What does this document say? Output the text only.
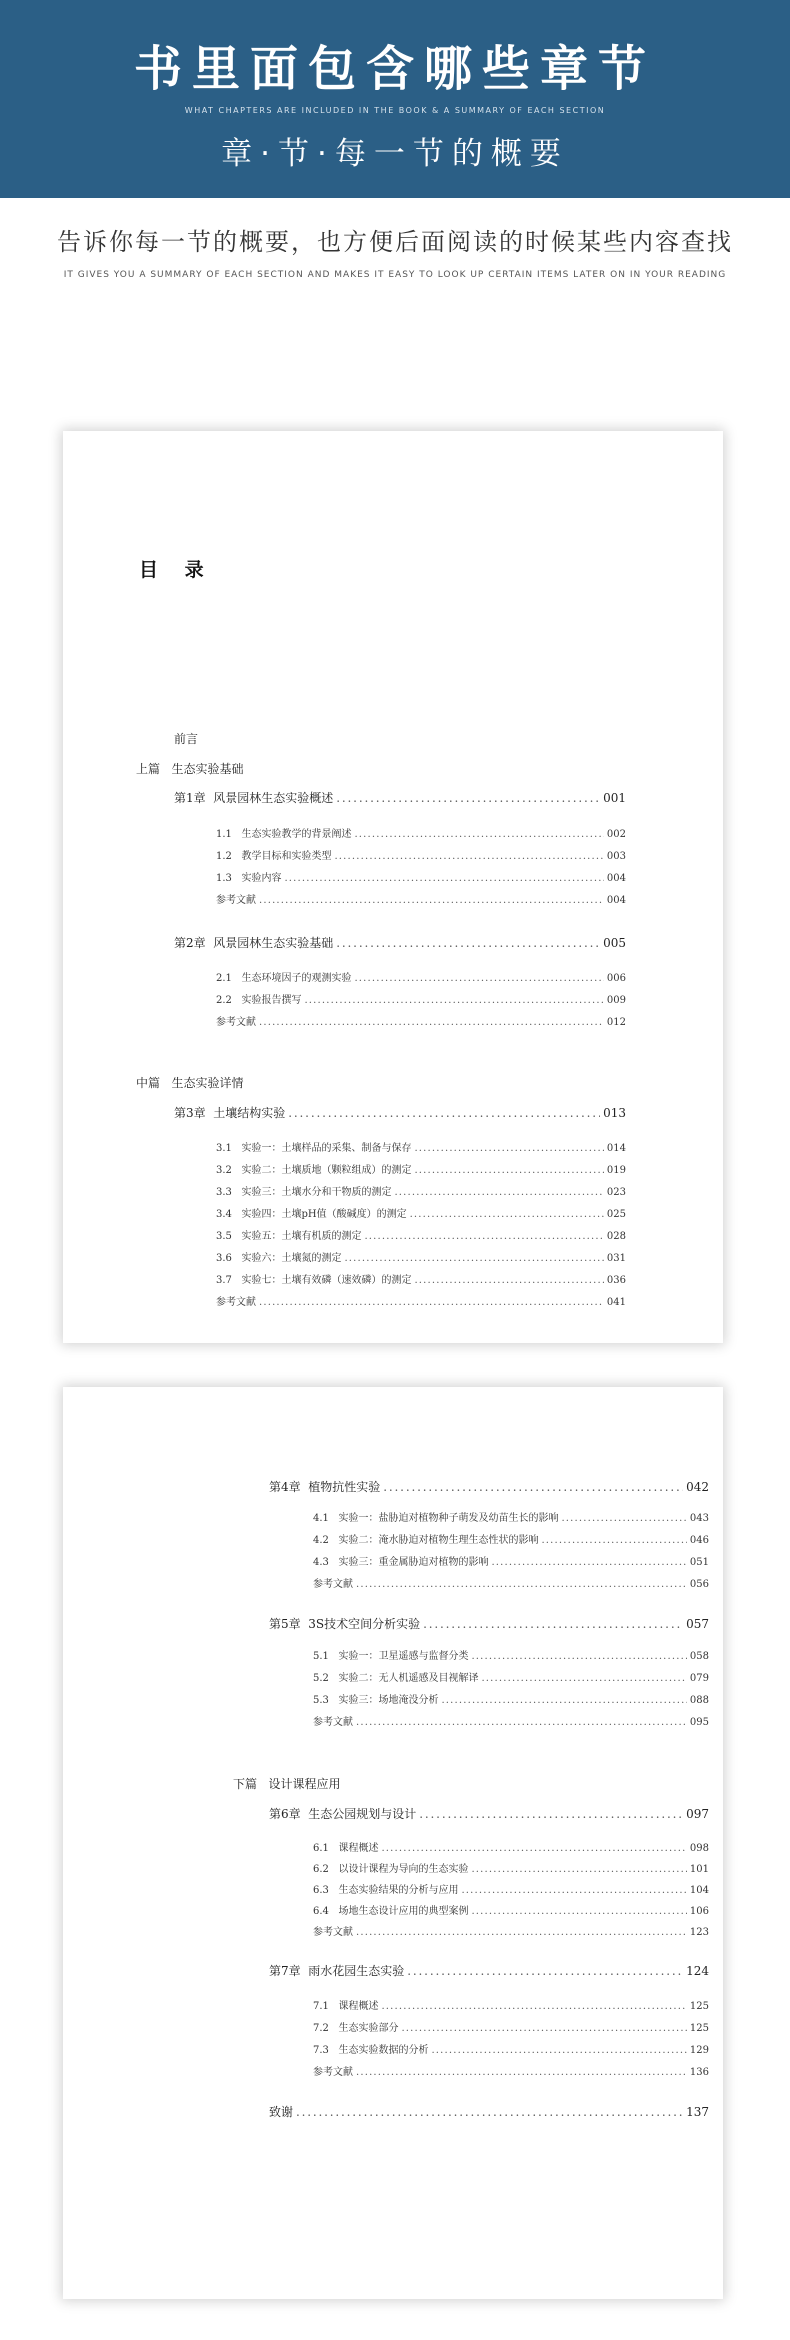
书里面包含哪些章节
WHAT CHAPTERS ARE INCLUDED IN THE BOOK & A SUMMARY OF EACH SECTION
章·节·每一节的概要
告诉你每一节的概要，也方便后面阅读的时候某些内容查找
IT GIVES YOU A SUMMARY OF EACH SECTION AND MAKES IT EASY TO LOOK UP CERTAIN ITEMS LATER ON IN YOUR READING
目 录
前言
上篇 生态实验基础
第1章 风景园林生态实验概述 . . .	001
1.1 生态实验教学的背景阐述 . . .	002
1.2 教学目标和实验类型 . . .	003
1.3 实验内容 . . .	004
参考文献 . . .	004
第2章 风景园林生态实验基础 . . .	005
2.1 生态环境因子的观测实验 . . .	006
2.2 实验报告撰写 . . .	009
参考文献 . . .	012
中篇 生态实验详情
第3章 土壤结构实验 . . .	013
3.1 实验一：土壤样品的采集、制备与保存 . . .	014
3.2 实验二：土壤质地（颗粒组成）的测定 . . .	019
3.3 实验三：土壤水分和干物质的测定 . . .	023
3.4 实验四：土壤pH值（酸碱度）的测定 . . .	025
3.5 实验五：土壤有机质的测定 . . .	028
3.6 实验六：土壤氮的测定 . . .	031
3.7 实验七：土壤有效磷（速效磷）的测定 . . .	036
参考文献 . . .	041
第4章 植物抗性实验 . . .	042
4.1 实验一：盐胁迫对植物种子萌发及幼苗生长的影响 . . .	043
4.2 实验二：淹水胁迫对植物生理生态性状的影响 . . .	046
4.3 实验三：重金属胁迫对植物的影响 . . .	051
参考文献 . . .	056
第5章 3S技术空间分析实验 . . .	057
5.1 实验一：卫星遥感与监督分类 . . .	058
5.2 实验二：无人机遥感及目视解译 . . .	079
5.3 实验三：场地淹没分析 . . .	088
参考文献 . . .	095
下篇 设计课程应用
第6章 生态公园规划与设计 . . .	097
6.1 课程概述 . . .	098
6.2 以设计课程为导向的生态实验 . . .	101
6.3 生态实验结果的分析与应用 . . .	104
6.4 场地生态设计应用的典型案例 . . .	106
参考文献 . . .	123
第7章 雨水花园生态实验 . . .	124
7.1 课程概述 . . .	125
7.2 生态实验部分 . . .	125
7.3 生态实验数据的分析 . . .	129
参考文献 . . .	136
致谢 . . .	137
